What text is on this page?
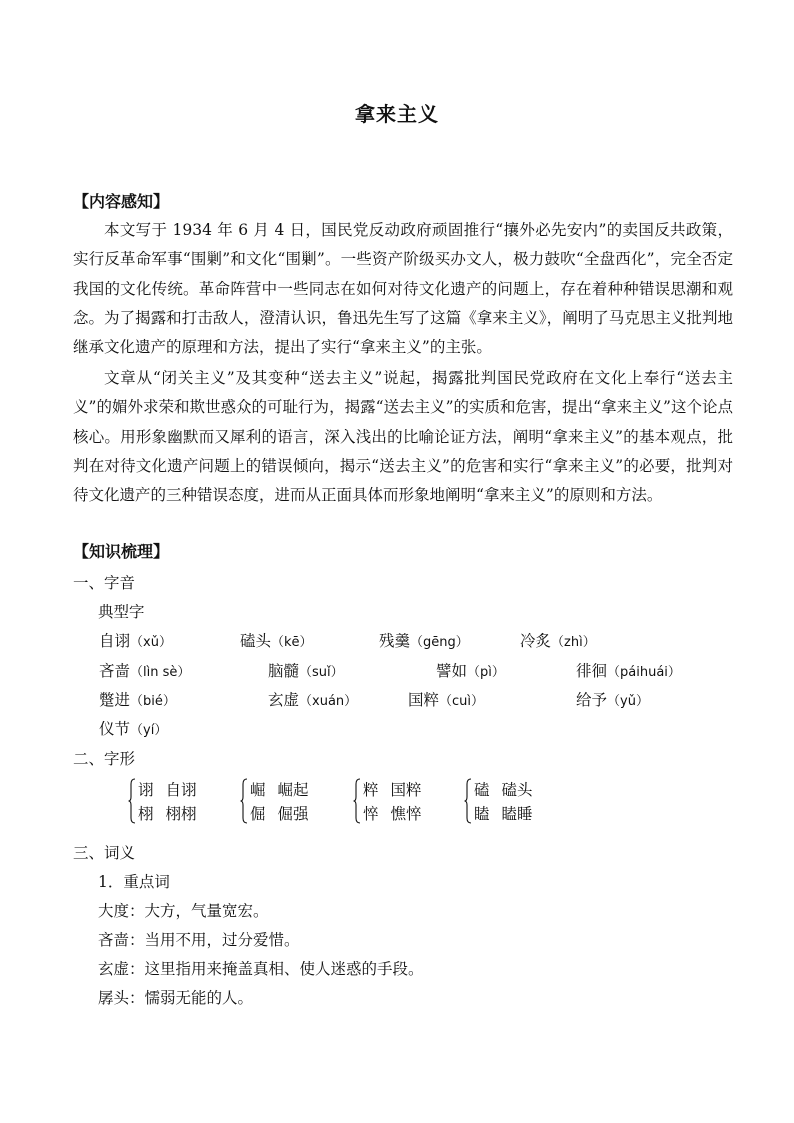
拿来主义
【内容感知】
本文写于 1934 年 6 月 4 日，国民党反动政府顽固推行“攘外必先安内”的卖国反共政策，实行反革命军事“围剿”和文化“围剿”。一些资产阶级买办文人，极力鼓吹“全盘西化”，完全否定我国的文化传统。革命阵营中一些同志在如何对待文化遗产的问题上，存在着种种错误思潮和观念。为了揭露和打击敌人，澄清认识，鲁迅先生写了这篇《拿来主义》，阐明了马克思主义批判地继承文化遗产的原理和方法，提出了实行“拿来主义”的主张。
文章从“闭关主义”及其变种“送去主义”说起，揭露批判国民党政府在文化上奉行“送去主义”的媚外求荣和欺世惑众的可耻行为，揭露“送去主义”的实质和危害，提出“拿来主义”这个论点核心。用形象幽默而又犀利的语言，深入浅出的比喻论证方法，阐明“拿来主义”的基本观点，批判在对待文化遗产问题上的错误倾向，揭示“送去主义”的危害和实行“拿来主义”的必要，批判对待文化遗产的三种错误态度，进而从正面具体而形象地阐明“拿来主义”的原则和方法。
【知识梳理】
一、字音
典型字
自诩（xǔ）	磕头（kē）	残羹（gēng）	冷炙（zhì）
吝啬（lìn sè）	脑髓（suǐ）	譬如（pì）	徘徊（páihuái）
蹩进（bié）	玄虚（xuán）	国粹（cuì）	给予（yǔ）
仪节（yí）
二、字形
诩 自诩
栩 栩栩
崛 崛起
倔 倔强
粹 国粹
悴 憔悴
磕 磕头
瞌 瞌睡
三、词义
1．重点词
大度：大方，气量宽宏。
吝啬：当用不用，过分爱惜。
玄虚：这里指用来掩盖真相、使人迷惑的手段。
孱头：懦弱无能的人。
